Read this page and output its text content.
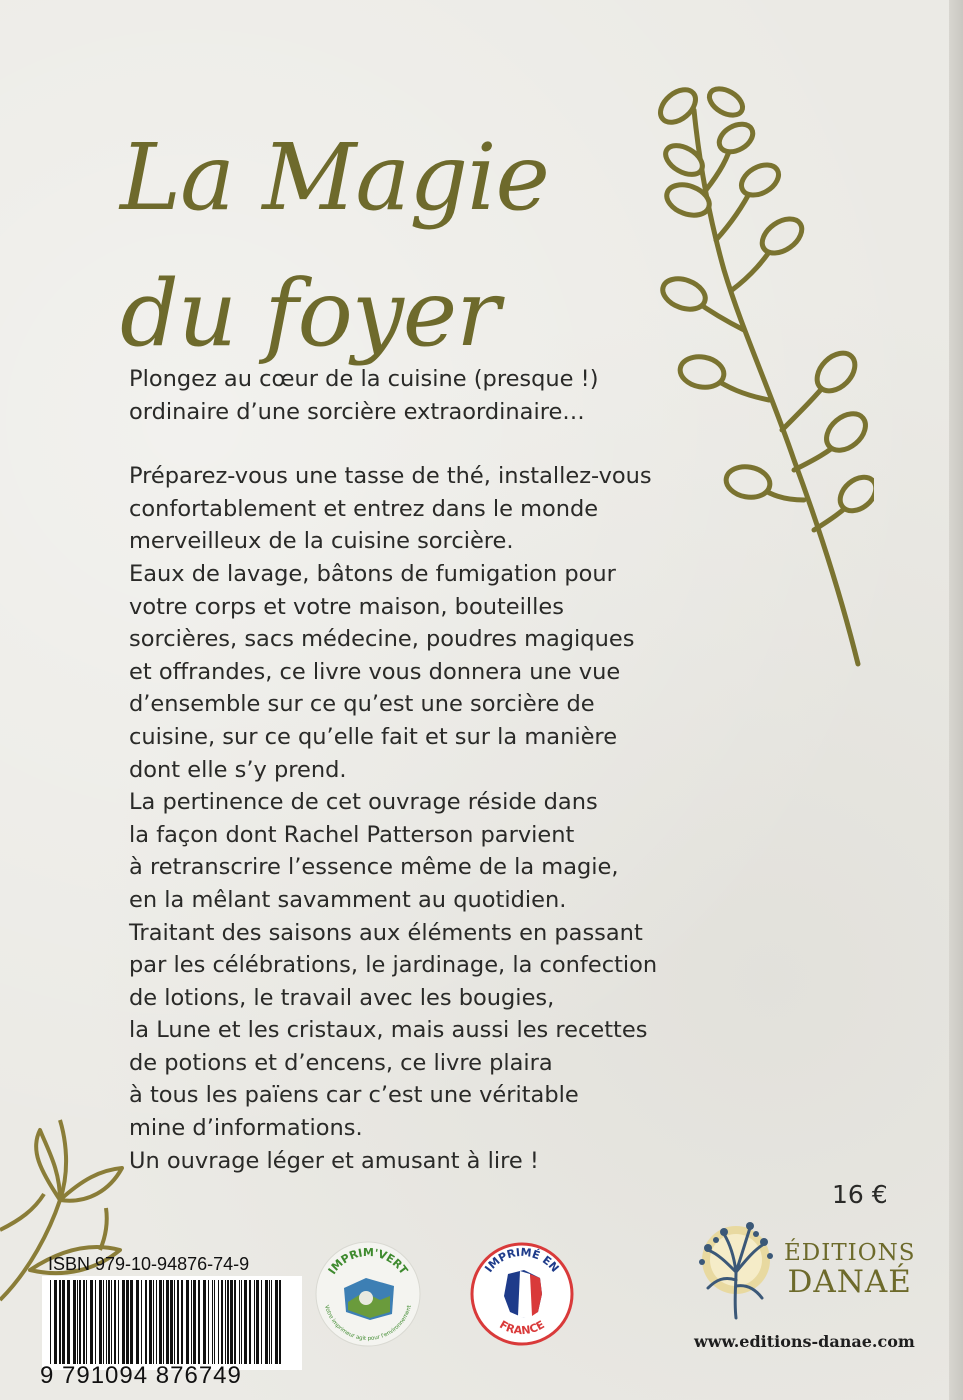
La Magie
du foyer

Plongez au cœur de la cuisine (presque !)

ordinaire d’une sorcière extraordinaire…

Préparez-vous une tasse de thé, installez-vous

confortablement et entrez dans le monde

merveilleux de la cuisine sorcière.

Eaux de lavage, bâtons de fumigation pour

votre corps et votre maison, bouteilles

sorcières, sacs médecine, poudres magiques

et offrandes, ce livre vous donnera une vue

d’ensemble sur ce qu’est une sorcière de

cuisine, sur ce qu’elle fait et sur la manière

dont elle s’y prend.

La pertinence de cet ouvrage réside dans

la façon dont Rachel Patterson parvient

à retranscrire l’essence même de la magie,

en la mêlant savamment au quotidien.

Traitant des saisons aux éléments en passant

par les célébrations, le jardinage, la confection

de lotions, le travail avec les bougies,

la Lune et les cristaux, mais aussi les recettes

de potions et d’encens, ce livre plaira

à tous les païens car c’est une véritable

mine d’informations.

Un ouvrage léger et amusant à lire !

16 €
ISBN 979-10-94876-74-9
9 791094 876749
IMPRIM'VERT
Votre imprimeur agit pour l'environnement
IMPRIMÉ EN
FRANCE
ÉDITIONS
DANAÉ
www.editions-danae.com
